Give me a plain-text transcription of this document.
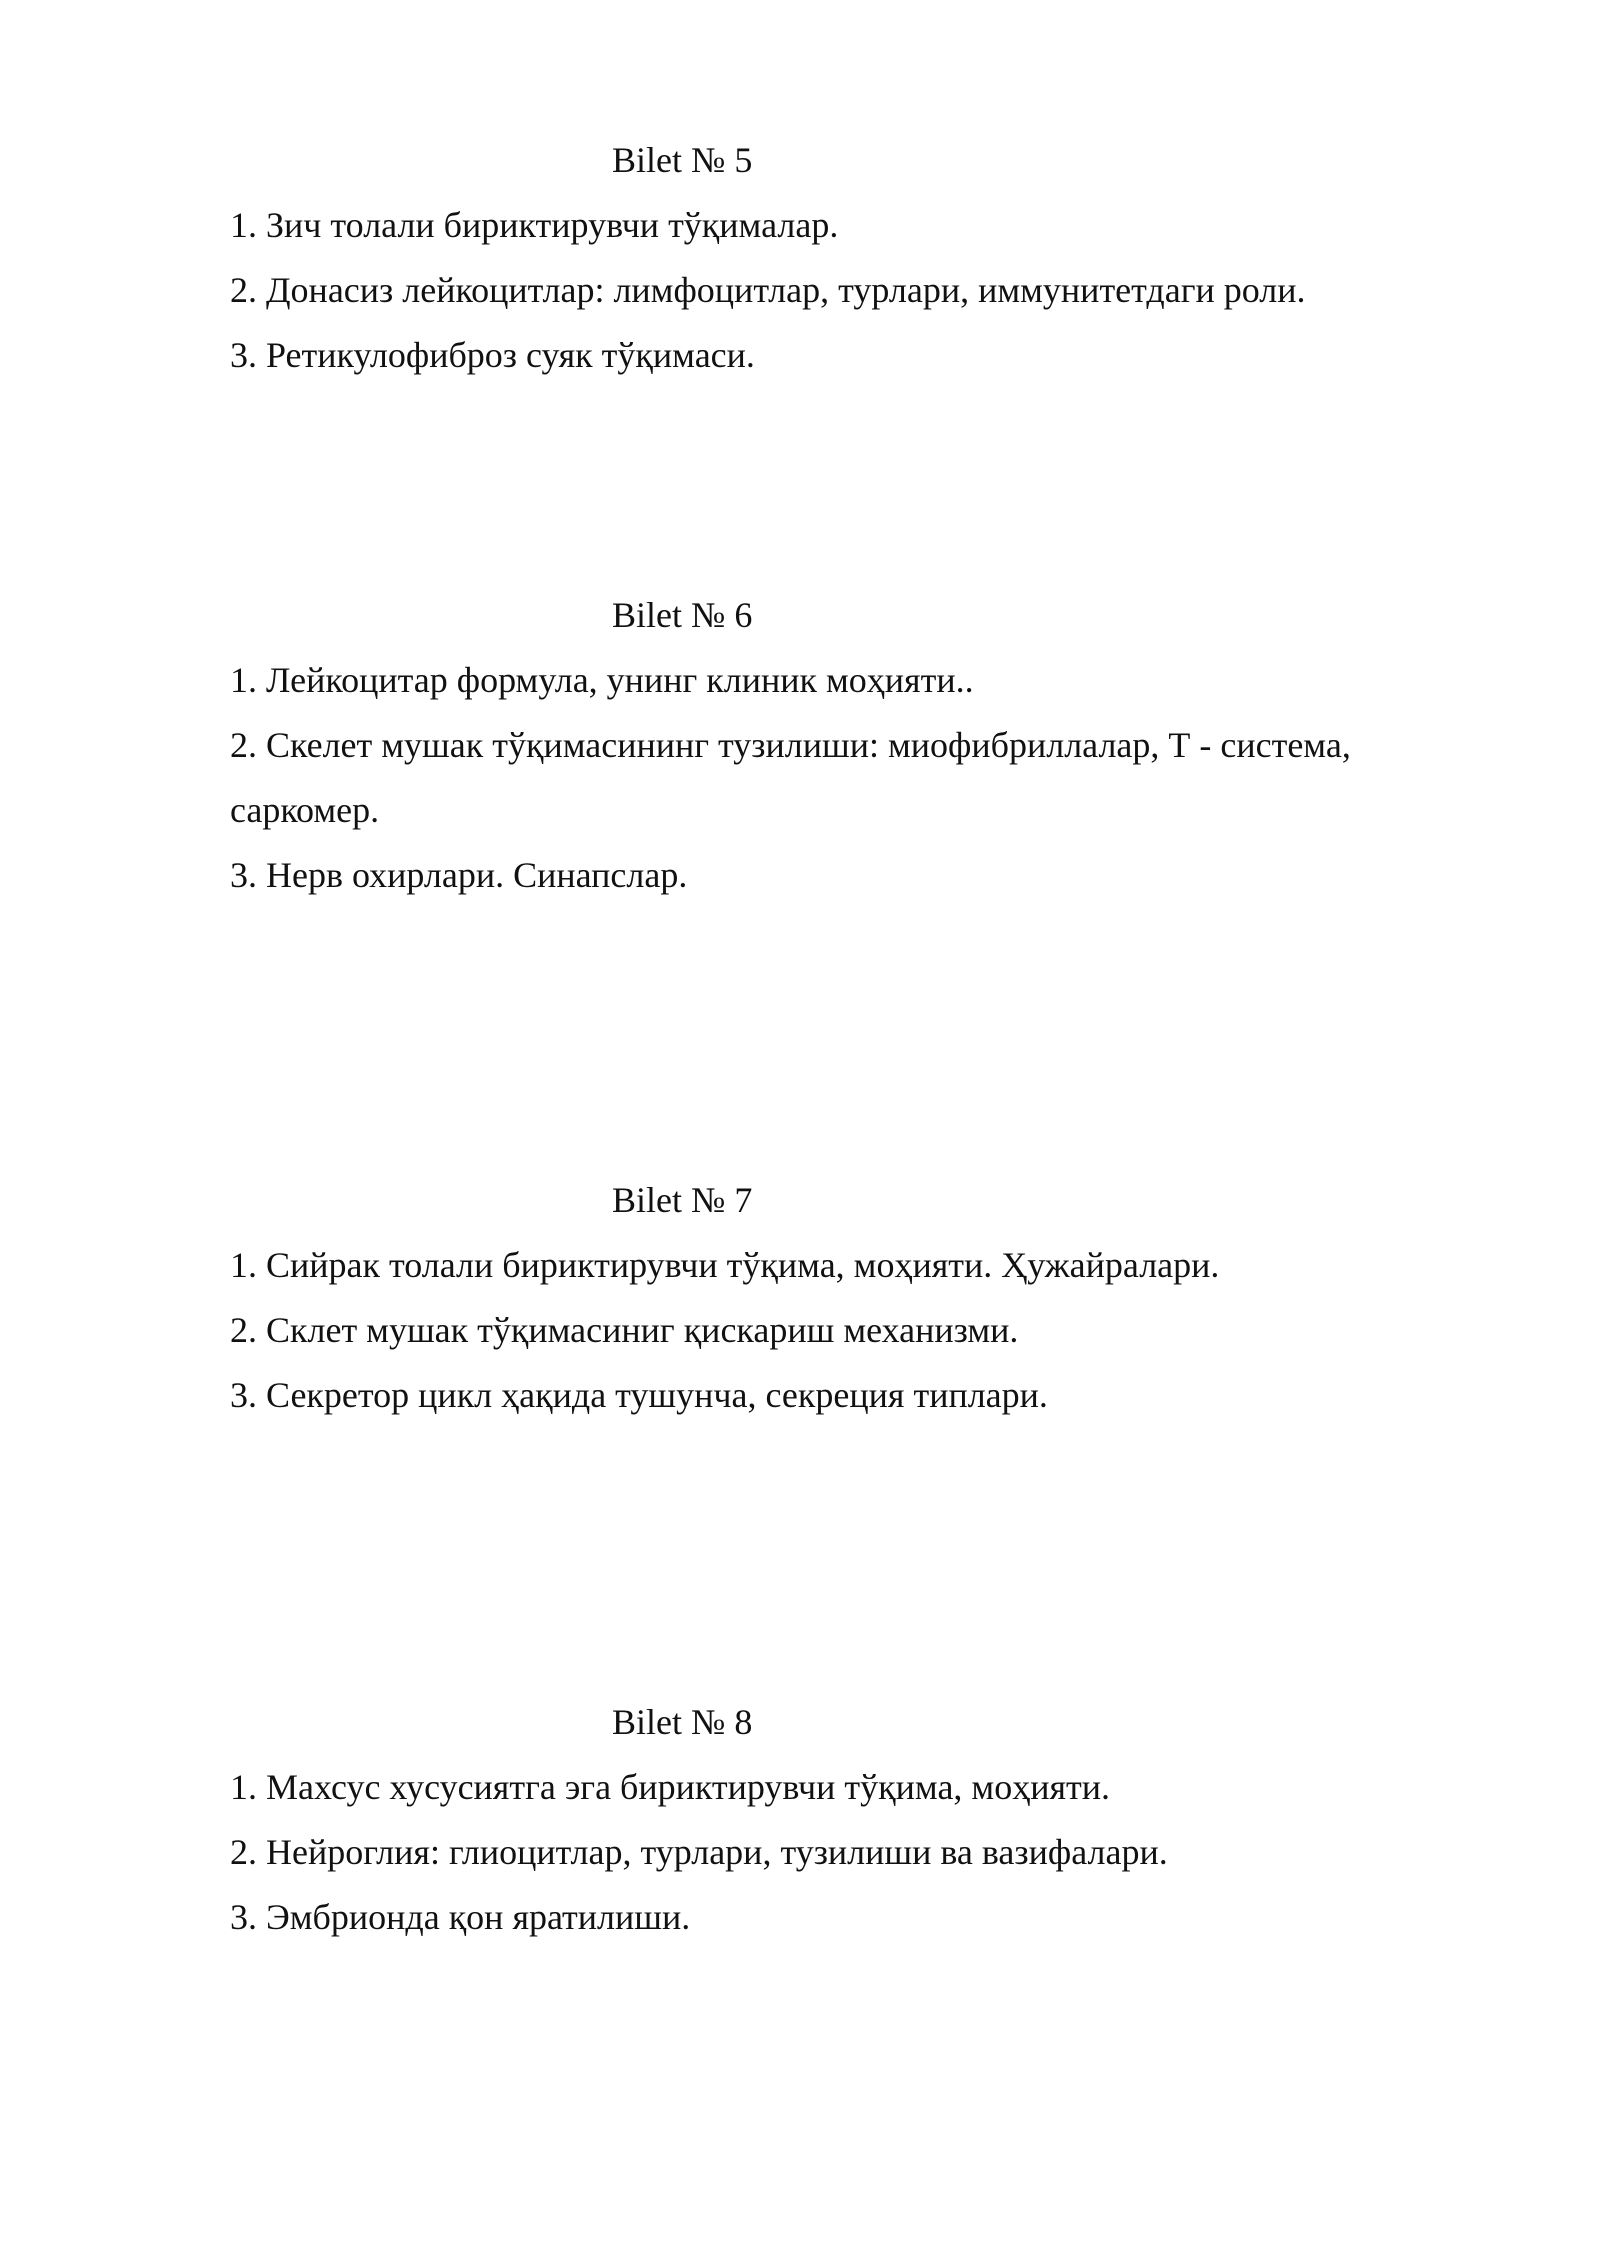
Bilet № 5
1. Зич толали бириктирувчи тўқималар.
2. Донасиз лейкоцитлар: лимфоцитлар, турлари, иммунитетдаги роли.
3. Ретикулофиброз суяк тўқимаси.
Bilet № 6
1. Лейкоцитар формула, унинг клиник моҳияти..
2. Скелет мушак тўқимасининг тузилиши: миофибриллалар, Т - система,
саркомер.
3. Нерв охирлари. Синапслар.
Bilet № 7
1. Сийрак толали бириктирувчи тўқима, моҳияти. Ҳужайралари.
2. Склет мушак тўқимасиниг қискариш механизми.
3. Секретор цикл ҳақида тушунча, секреция типлари.
Bilet № 8
1. Махсус хусусиятга эга бириктирувчи тўқима, моҳияти.
2. Нейроглия: глиоцитлар, турлари, тузилиши ва вазифалари.
3. Эмбрионда қон яратилиши.
